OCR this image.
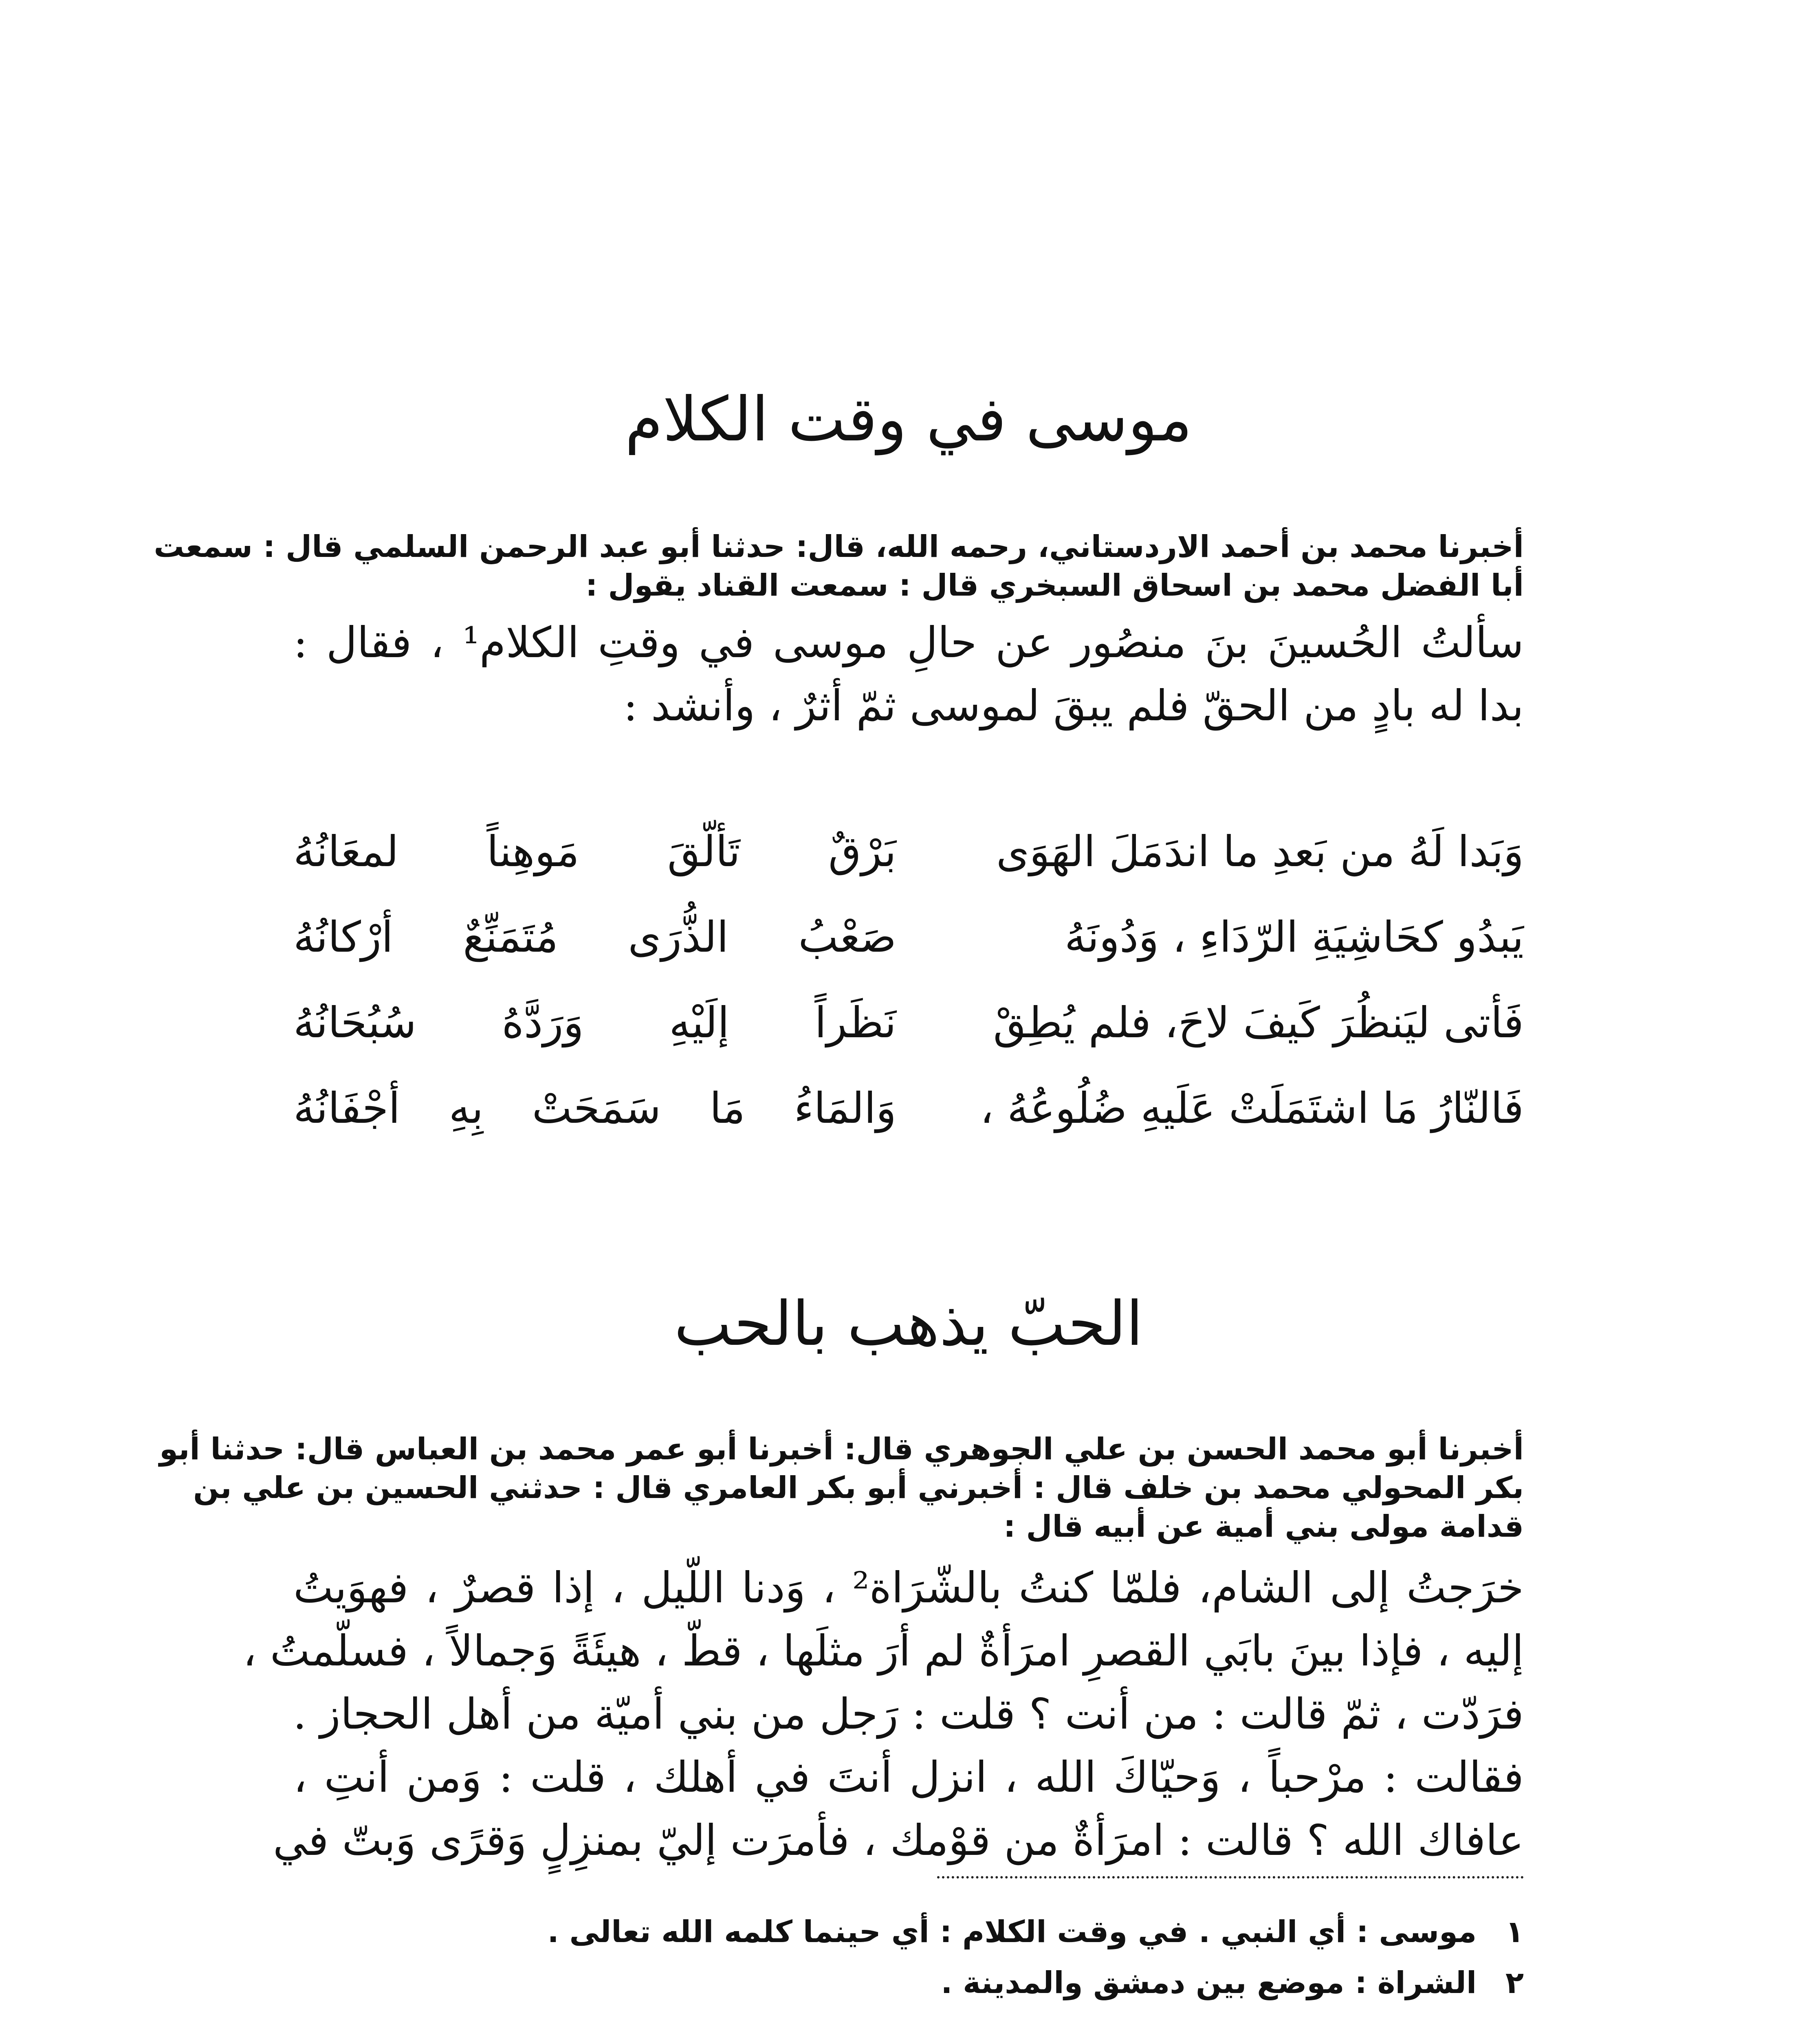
موسى في وقت الكلام
أخبرنا محمد بن أحمد الاردستاني، رحمه الله، قال: حدثنا أبو عبد الرحمن السلمي قال : سمعت
أبا الفضل محمد بن اسحاق السبخري قال : سمعت القناد يقول :
سألتُ الحُسينَ بنَ منصُور عن حالِ موسى في وقتِ الكلام¹ ، فقال :
بدا له بادٍ من الحقّ فلم يبقَ لموسى ثمّ أثرٌ ، وأنشد :
وَبَدا لَهُ من بَعدِ ما اندَمَلَ الهَوَى
بَرْقٌ تَألّقَ مَوهِناً لمعَانُهُ
يَبدُو كحَاشِيَةِ الرّدَاءِ ، وَدُونَهُ
صَعْبُ الذُّرَى مُتَمَنِّعٌ أرْكانُهُ
فَأتى ليَنظُرَ كَيفَ لاحَ، فلم يُطِقْ
نَظَراً إلَيْهِ وَرَدَّهُ سُبُحَانُهُ
فَالنّارُ مَا اشتَمَلَتْ عَلَيهِ ضُلُوعُهُ ،
وَالمَاءُ مَا سَمَحَتْ بِهِ أجْفَانُهُ
الحبّ يذهب بالحب
أخبرنا أبو محمد الحسن بن علي الجوهري قال: أخبرنا أبو عمر محمد بن العباس قال: حدثنا أبو
بكر المحولي محمد بن خلف قال : أخبرني أبو بكر العامري قال : حدثني الحسين بن علي بن
قدامة مولى بني أمية عن أبيه قال :
خرَجتُ إلى الشام، فلمّا كنتُ بالشّرَاة² ، وَدنا اللّيل ، إذا قصرٌ ، فهوَيتُ
إليه ، فإذا بينَ بابَي القصرِ امرَأةٌ لم أرَ مثلَها ، قطّ ، هيئَةً وَجمالاً ، فسلّمتُ ،
فرَدّت ، ثمّ قالت : من أنت ؟ قلت : رَجل من بني أميّة من أهل الحجاز .
فقالت : مرْحباً ، وَحيّاكَ الله ، انزل أنتَ في أهلك ، قلت : وَمن أنتِ ،
عافاك الله ؟ قالت : امرَأةٌ من قوْمك ، فأمرَت إليّ بمنزِلٍ وَقرًى وَبتّ في
١ موسى : أي النبي . في وقت الكلام : أي حينما كلمه الله تعالى .
٢ الشراة : موضع بين دمشق والمدينة .
